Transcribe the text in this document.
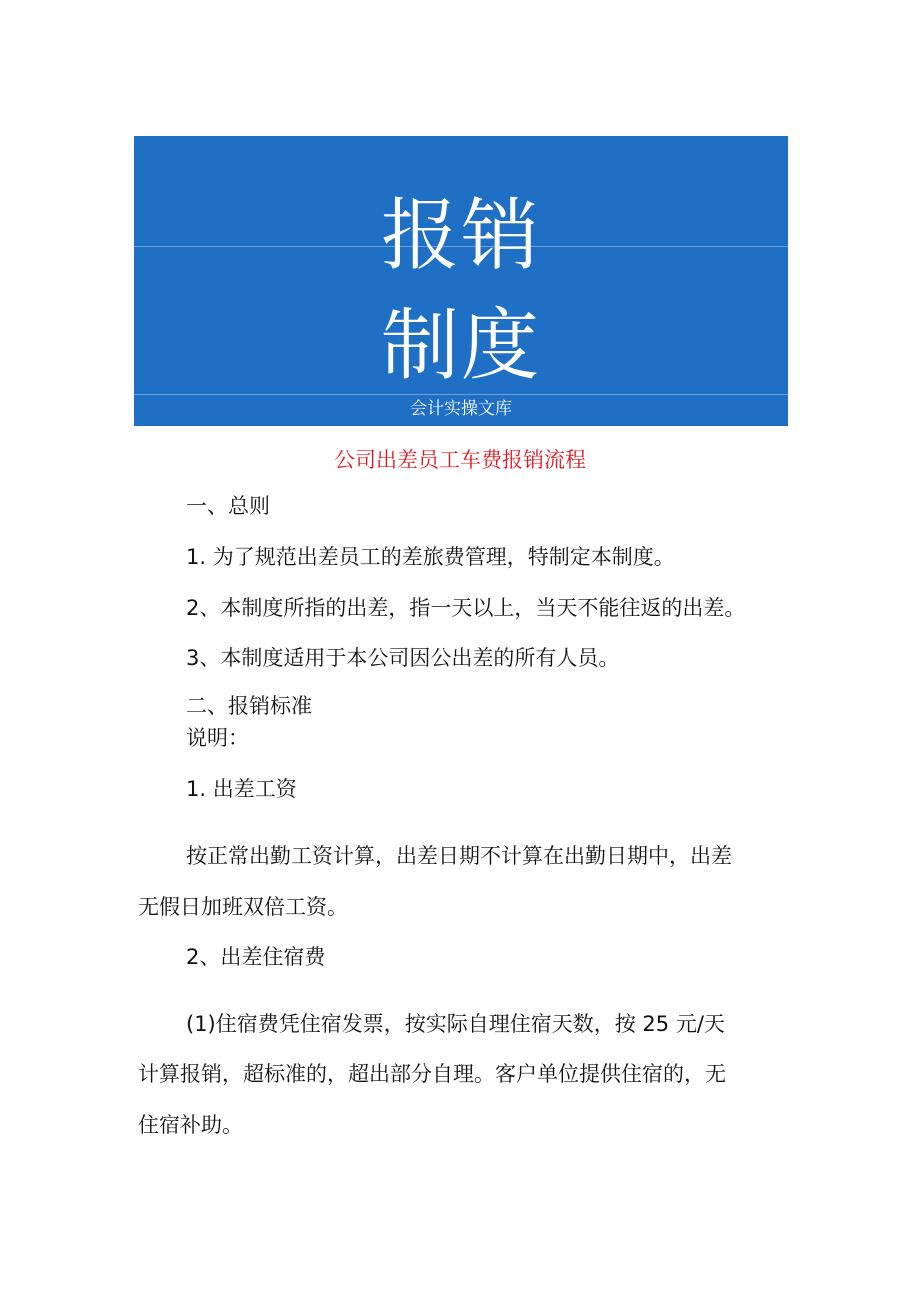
报销
制度
会计实操文库
公司出差员工车费报销流程
一、总则
1. 为了规范出差员工的差旅费管理，特制定本制度。
2、本制度所指的出差，指一天以上，当天不能往返的出差。
3、本制度适用于本公司因公出差的所有人员。
二、报销标准
说明：
1. 出差工资
按正常出勤工资计算，出差日期不计算在出勤日期中，出差
无假日加班双倍工资。
2、出差住宿费
(1)住宿费凭住宿发票，按实际自理住宿天数，按 25 元/天
计算报销，超标准的，超出部分自理。客户单位提供住宿的，无
住宿补助。
